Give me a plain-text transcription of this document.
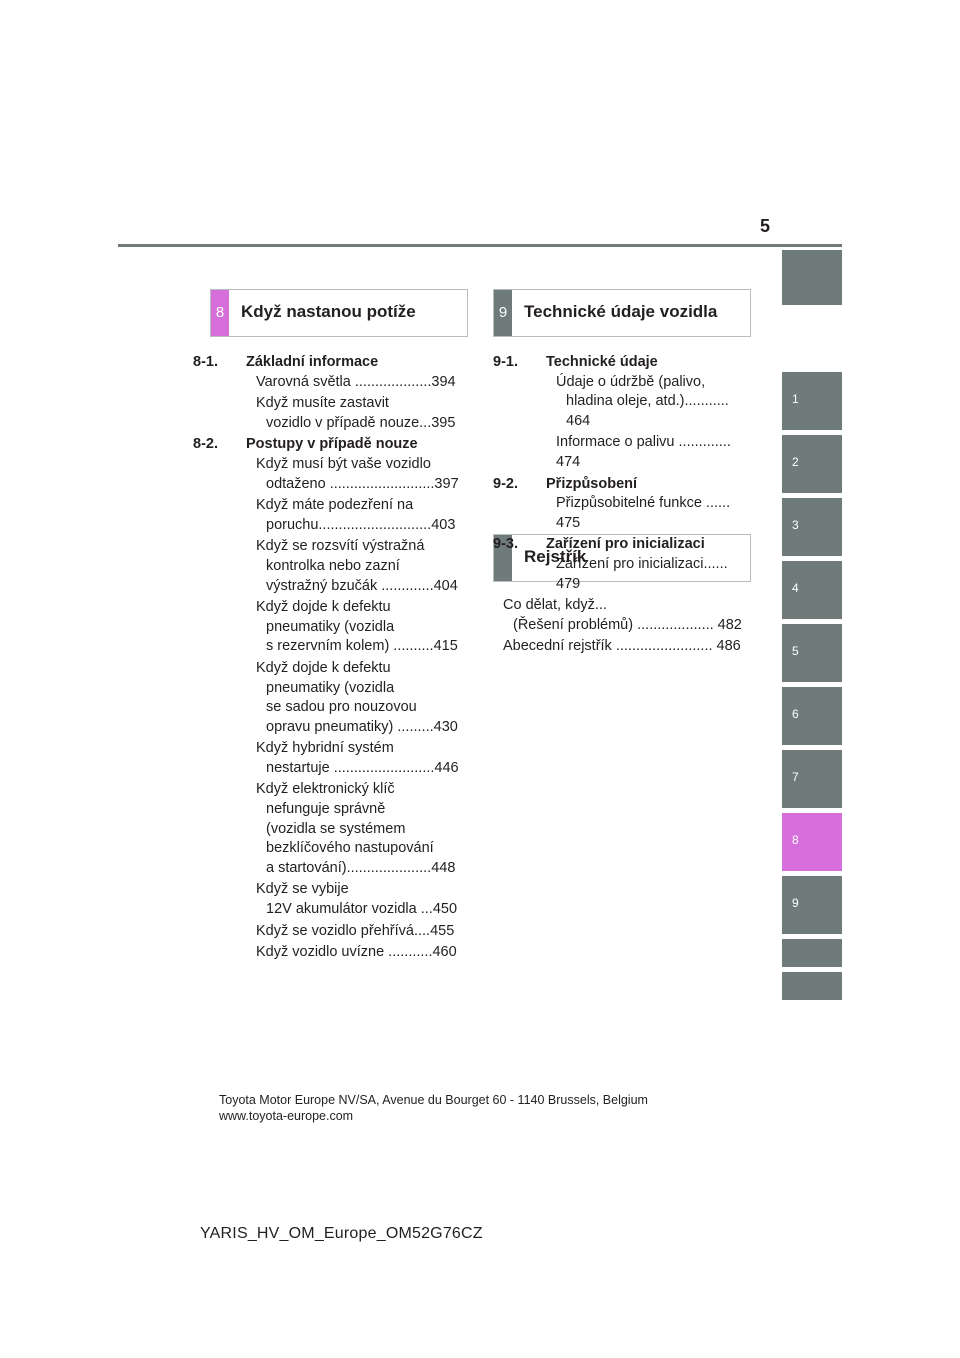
5
1
2
3
4
5
6
7
8
9
8 Když nastanou potíže	9 Technické údaje vozidla
Rejstřík
8-1. Základní informace
Varovná světla ...................394
Když musíte zastavit
vozidlo v případě nouze...395
8-2. Postupy v případě nouze
Když musí být vaše vozidlo
odtaženo ..........................397
Když máte podezření na
poruchu............................403
Když se rozsvítí výstražná
kontrolka nebo zazní
výstražný bzučák .............404
Když dojde k defektu
pneumatiky (vozidla
s rezervním kolem) ..........415
Když dojde k defektu
pneumatiky (vozidla
se sadou pro nouzovou
opravu pneumatiky) .........430
Když hybridní systém
nestartuje .........................446
Když elektronický klíč
nefunguje správně
(vozidla se systémem
bezklíčového nastupování
a startování).....................448
Když se vybije
12V akumulátor vozidla ...450
Když se vozidlo přehřívá....455
Když vozidlo uvízne ...........460
9-1. Technické údaje
Údaje o údržbě (palivo,
hladina oleje, atd.)........... 464
Informace o palivu ............. 474
9-2. Přizpůsobení
Přizpůsobitelné funkce ...... 475
9-3. Zařízení pro inicializaci
Zařízení pro inicializaci...... 479
Co dělat, když...
(Řešení problémů) ................... 482
Abecední rejstřík ........................ 486
Toyota Motor Europe NV/SA, Avenue du Bourget 60 - 1140 Brussels, Belgium
www.toyota-europe.com
YARIS_HV_OM_Europe_OM52G76CZ
